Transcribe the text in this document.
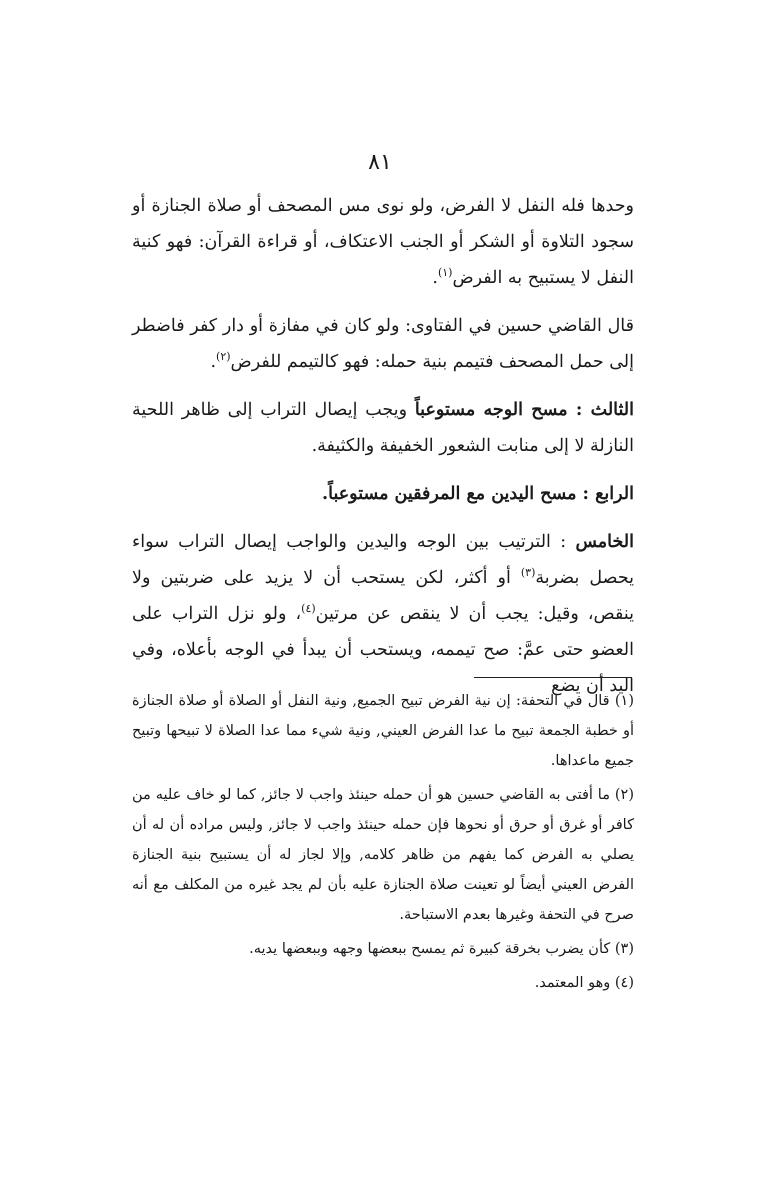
٨١

وحدها فله النفل لا الفرض، ولو نوى مس المصحف أو صلاة الجنازة أو سجود التلاوة أو الشكر أو الجنب الاعتكاف، أو قراءة القرآن: فهو كنية النفل لا يستبيح به الفرض$^{(١)}$.

قال القاضي حسين في الفتاوى: ولو كان في مفازة أو دار كفر فاضطر إلى حمل المصحف فتيمم بنية حمله: فهو كالتيمم للفرض$^{(٢)}$.

الثالث : مسح الوجه مستوعباً ويجب إيصال التراب إلى ظاهر اللحية النازلة لا إلى منابت الشعور الخفيفة والكثيفة.

الرابع : مسح اليدين مع المرفقين مستوعباً.

الخامس : الترتيب بين الوجه واليدين والواجب إيصال التراب سواء يحصل بضربة$^{(٣)}$ أو أكثر، لكن يستحب أن لا يزيد على ضربتين ولا ينقص، وقيل: يجب أن لا ينقص عن مرتين$^{(٤)}$، ولو نزل التراب على العضو حتى عمَّ: صح تيممه، ويستحب أن يبدأ في الوجه بأعلاه، وفي اليد أن يضع

(١) قال في التحفة: إن نية الفرض تبيح الجميع, ونية النفل أو الصلاة أو صلاة الجنازة أو خطبة الجمعة تبيح ما عدا الفرض العيني, ونية شيء مما عدا الصلاة لا تبيحها وتبيح جميع ماعداها.

(٢) ما أفتى به القاضي حسين هو أن حمله حينئذ واجب لا جائز, كما لو خاف عليه من كافر أو غرق أو حرق أو نحوها فإن حمله حينئذ واجب لا جائز, وليس مراده أن له أن يصلي به الفرض كما يفهم من ظاهر كلامه, وإلا لجاز له أن يستبيح بنية الجنازة الفرض العيني أيضاً لو تعينت صلاة الجنازة عليه بأن لم يجد غيره من المكلف مع أنه صرح في التحفة وغيرها بعدم الاستباحة.

(٣) كأن يضرب بخرقة كبيرة ثم يمسح ببعضها وجهه وببعضها يديه.

(٤) وهو المعتمد.
